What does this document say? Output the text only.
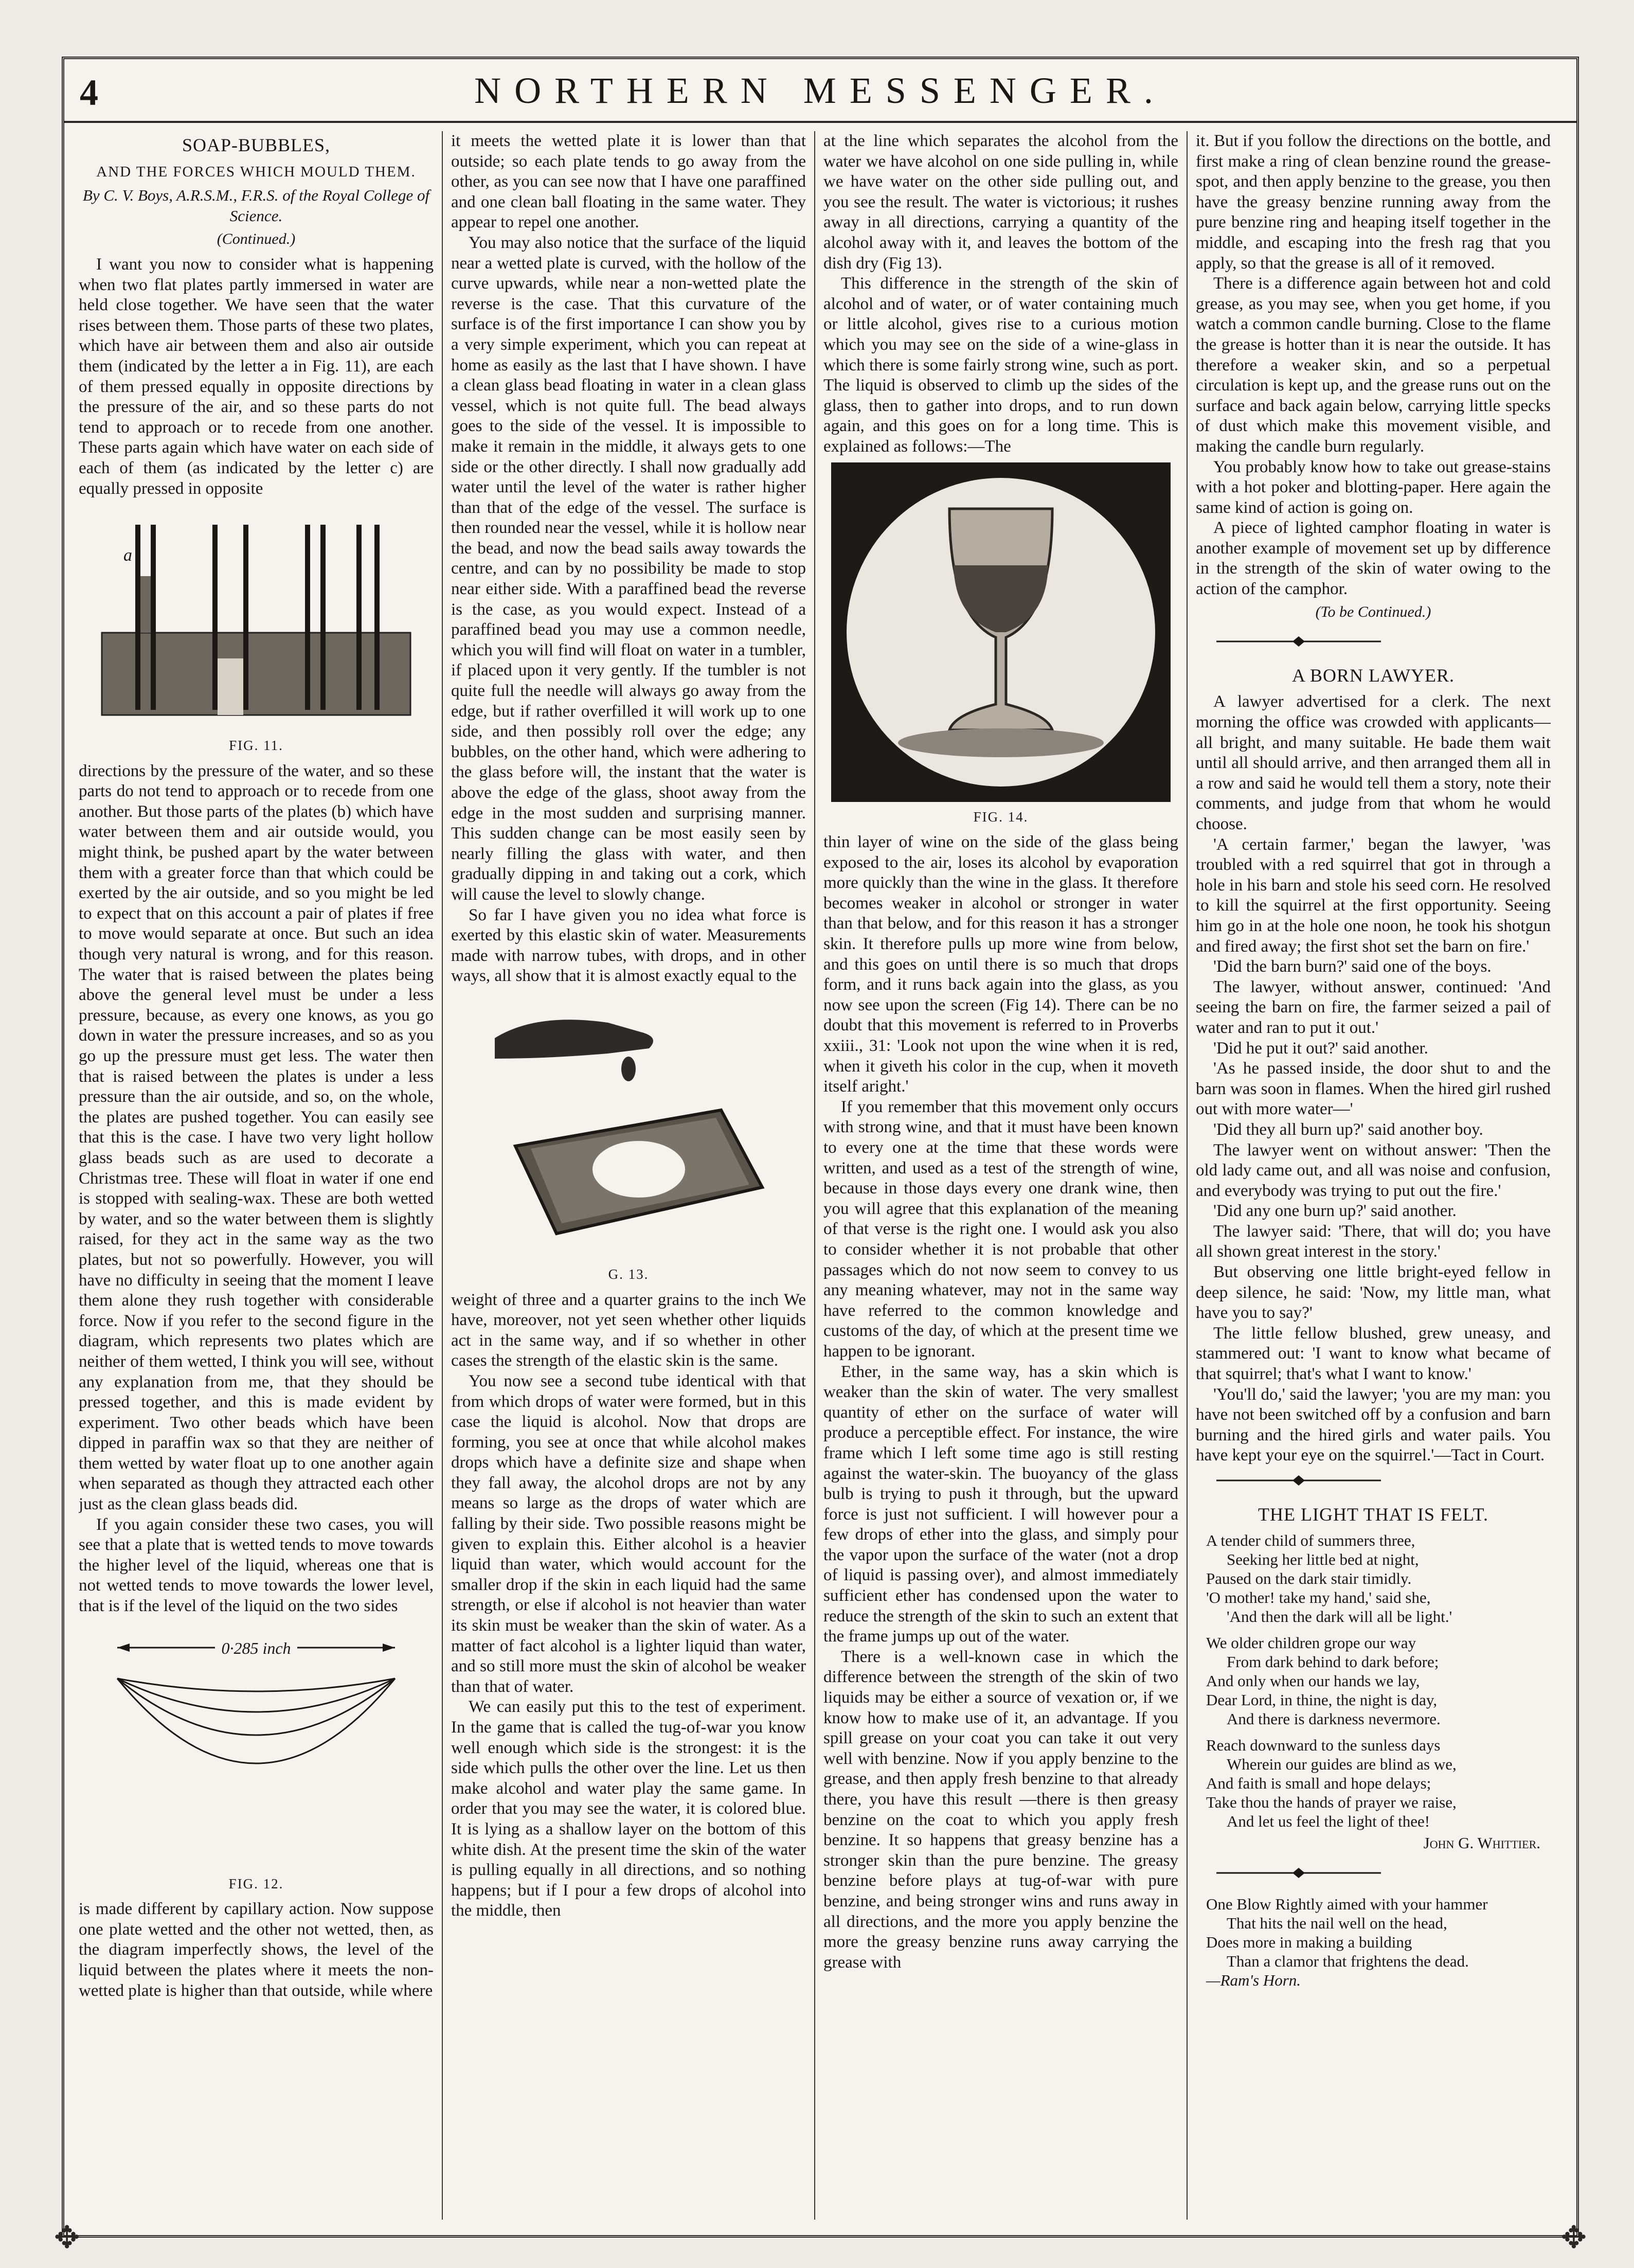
4	NORTHERN MESSENGER.
SOAP-BUBBLES,
AND THE FORCES WHICH MOULD THEM.
By C. V. Boys, A.R.S.M., F.R.S. of the Royal College of Science.
(Continued.)

I want you now to consider what is happening when two flat plates partly immersed in water are held close together. We have seen that the water rises between them. Those parts of these two plates, which have air between them and also air outside them (indicated by the letter a in Fig. 11), are each of them pressed equally in opposite directions by the pressure of the air, and so these parts do not tend to approach or to recede from one another. These parts again which have water on each side of each of them (as indicated by the letter c) are equally pressed in opposite

a
FIG. 11.

directions by the pressure of the water, and so these parts do not tend to approach or to recede from one another. But those parts of the plates (b) which have water between them and air outside would, you might think, be pushed apart by the water between them with a greater force than that which could be exerted by the air outside, and so you might be led to expect that on this account a pair of plates if free to move would separate at once. But such an idea though very natural is wrong, and for this reason. The water that is raised between the plates being above the general level must be under a less pressure, because, as every one knows, as you go down in water the pressure increases, and so as you go up the pressure must get less. The water then that is raised between the plates is under a less pressure than the air outside, and so, on the whole, the plates are pushed together. You can easily see that this is the case. I have two very light hollow glass beads such as are used to decorate a Christmas tree. These will float in water if one end is stopped with sealing-wax. These are both wetted by water, and so the water between them is slightly raised, for they act in the same way as the two plates, but not so powerfully. However, you will have no difficulty in seeing that the moment I leave them alone they rush together with considerable force. Now if you refer to the second figure in the diagram, which represents two plates which are neither of them wetted, I think you will see, without any explanation from me, that they should be pressed together, and this is made evident by experiment. Two other beads which have been dipped in paraffin wax so that they are neither of them wetted by water float up to one another again when separated as though they attracted each other just as the clean glass beads did.

If you again consider these two cases, you will see that a plate that is wetted tends to move towards the higher level of the liquid, whereas one that is not wetted tends to move towards the lower level, that is if the level of the liquid on the two sides

0·285 inch
FIG. 12.

is made different by capillary action. Now suppose one plate wetted and the other not wetted, then, as the diagram imperfectly shows, the level of the liquid between the plates where it meets the non-wetted plate is higher than that outside, while where

it meets the wetted plate it is lower than that outside; so each plate tends to go away from the other, as you can see now that I have one paraffined and one clean ball floating in the same water. They appear to repel one another.

You may also notice that the surface of the liquid near a wetted plate is curved, with the hollow of the curve upwards, while near a non-wetted plate the reverse is the case. That this curvature of the surface is of the first importance I can show you by a very simple experiment, which you can repeat at home as easily as the last that I have shown. I have a clean glass bead floating in water in a clean glass vessel, which is not quite full. The bead always goes to the side of the vessel. It is impossible to make it remain in the middle, it always gets to one side or the other directly. I shall now gradually add water until the level of the water is rather higher than that of the edge of the vessel. The surface is then rounded near the vessel, while it is hollow near the bead, and now the bead sails away towards the centre, and can by no possibility be made to stop near either side. With a paraffined bead the reverse is the case, as you would expect. Instead of a paraffined bead you may use a common needle, which you will find will float on water in a tumbler, if placed upon it very gently. If the tumbler is not quite full the needle will always go away from the edge, but if rather overfilled it will work up to one side, and then possibly roll over the edge; any bubbles, on the other hand, which were adhering to the glass before will, the instant that the water is above the edge of the glass, shoot away from the edge in the most sudden and surprising manner. This sudden change can be most easily seen by nearly filling the glass with water, and then gradually dipping in and taking out a cork, which will cause the level to slowly change.

So far I have given you no idea what force is exerted by this elastic skin of water. Measurements made with narrow tubes, with drops, and in other ways, all show that it is almost exactly equal to the

G. 13.

weight of three and a quarter grains to the inch We have, moreover, not yet seen whether other liquids act in the same way, and if so whether in other cases the strength of the elastic skin is the same.

You now see a second tube identical with that from which drops of water were formed, but in this case the liquid is alcohol. Now that drops are forming, you see at once that while alcohol makes drops which have a definite size and shape when they fall away, the alcohol drops are not by any means so large as the drops of water which are falling by their side. Two possible reasons might be given to explain this. Either alcohol is a heavier liquid than water, which would account for the smaller drop if the skin in each liquid had the same strength, or else if alcohol is not heavier than water its skin must be weaker than the skin of water. As a matter of fact alcohol is a lighter liquid than water, and so still more must the skin of alcohol be weaker than that of water.

We can easily put this to the test of experiment. In the game that is called the tug-of-war you know well enough which side is the strongest: it is the side which pulls the other over the line. Let us then make alcohol and water play the same game. In order that you may see the water, it is colored blue. It is lying as a shallow layer on the bottom of this white dish. At the present time the skin of the water is pulling equally in all directions, and so nothing happens; but if I pour a few drops of alcohol into the middle, then

at the line which separates the alcohol from the water we have alcohol on one side pulling in, while we have water on the other side pulling out, and you see the result. The water is victorious; it rushes away in all directions, carrying a quantity of the alcohol away with it, and leaves the bottom of the dish dry (Fig 13).

This difference in the strength of the skin of alcohol and of water, or of water containing much or little alcohol, gives rise to a curious motion which you may see on the side of a wine-glass in which there is some fairly strong wine, such as port. The liquid is observed to climb up the sides of the glass, then to gather into drops, and to run down again, and this goes on for a long time. This is explained as follows:—The

FIG. 14.

thin layer of wine on the side of the glass being exposed to the air, loses its alcohol by evaporation more quickly than the wine in the glass. It therefore becomes weaker in alcohol or stronger in water than that below, and for this reason it has a stronger skin. It therefore pulls up more wine from below, and this goes on until there is so much that drops form, and it runs back again into the glass, as you now see upon the screen (Fig 14). There can be no doubt that this movement is referred to in Proverbs xxiii., 31: 'Look not upon the wine when it is red, when it giveth his color in the cup, when it moveth itself aright.'

If you remember that this movement only occurs with strong wine, and that it must have been known to every one at the time that these words were written, and used as a test of the strength of wine, because in those days every one drank wine, then you will agree that this explanation of the meaning of that verse is the right one. I would ask you also to consider whether it is not probable that other passages which do not now seem to convey to us any meaning whatever, may not in the same way have referred to the common knowledge and customs of the day, of which at the present time we happen to be ignorant.

Ether, in the same way, has a skin which is weaker than the skin of water. The very smallest quantity of ether on the surface of water will produce a perceptible effect. For instance, the wire frame which I left some time ago is still resting against the water-skin. The buoyancy of the glass bulb is trying to push it through, but the upward force is just not sufficient. I will however pour a few drops of ether into the glass, and simply pour the vapor upon the surface of the water (not a drop of liquid is passing over), and almost immediately sufficient ether has condensed upon the water to reduce the strength of the skin to such an extent that the frame jumps up out of the water.

There is a well-known case in which the difference between the strength of the skin of two liquids may be either a source of vexation or, if we know how to make use of it, an advantage. If you spill grease on your coat you can take it out very well with benzine. Now if you apply benzine to the grease, and then apply fresh benzine to that already there, you have this result —there is then greasy benzine on the coat to which you apply fresh benzine. It so happens that greasy benzine has a stronger skin than the pure benzine. The greasy benzine before plays at tug-of-war with pure benzine, and being stronger wins and runs away in all directions, and the more you apply benzine the more the greasy benzine runs away carrying the grease with

it. But if you follow the directions on the bottle, and first make a ring of clean benzine round the grease-spot, and then apply benzine to the grease, you then have the greasy benzine running away from the pure benzine ring and heaping itself together in the middle, and escaping into the fresh rag that you apply, so that the grease is all of it removed.

There is a difference again between hot and cold grease, as you may see, when you get home, if you watch a common candle burning. Close to the flame the grease is hotter than it is near the outside. It has therefore a weaker skin, and so a perpetual circulation is kept up, and the grease runs out on the surface and back again below, carrying little specks of dust which make this movement visible, and making the candle burn regularly.

You probably know how to take out grease-stains with a hot poker and blotting-paper. Here again the same kind of action is going on.

A piece of lighted camphor floating in water is another example of movement set up by difference in the strength of the skin of water owing to the action of the camphor.

(To be Continued.)
A BORN LAWYER.

A lawyer advertised for a clerk. The next morning the office was crowded with applicants—all bright, and many suitable. He bade them wait until all should arrive, and then arranged them all in a row and said he would tell them a story, note their comments, and judge from that whom he would choose.

'A certain farmer,' began the lawyer, 'was troubled with a red squirrel that got in through a hole in his barn and stole his seed corn. He resolved to kill the squirrel at the first opportunity. Seeing him go in at the hole one noon, he took his shotgun and fired away; the first shot set the barn on fire.'

'Did the barn burn?' said one of the boys.

The lawyer, without answer, continued: 'And seeing the barn on fire, the farmer seized a pail of water and ran to put it out.'

'Did he put it out?' said another.

'As he passed inside, the door shut to and the barn was soon in flames. When the hired girl rushed out with more water—'

'Did they all burn up?' said another boy.

The lawyer went on without answer: 'Then the old lady came out, and all was noise and confusion, and everybody was trying to put out the fire.'

'Did any one burn up?' said another.

The lawyer said: 'There, that will do; you have all shown great interest in the story.'

But observing one little bright-eyed fellow in deep silence, he said: 'Now, my little man, what have you to say?'

The little fellow blushed, grew uneasy, and stammered out: 'I want to know what became of that squirrel; that's what I want to know.'

'You'll do,' said the lawyer; 'you are my man: you have not been switched off by a confusion and barn burning and the hired girls and water pails. You have kept your eye on the squirrel.'—Tact in Court.

THE LIGHT THAT IS FELT.
A tender child of summers three,
Seeking her little bed at night,
Paused on the dark stair timidly.
'O mother! take my hand,' said she,
'And then the dark will all be light.'
We older children grope our way
From dark behind to dark before;
And only when our hands we lay,
Dear Lord, in thine, the night is day,
And there is darkness nevermore.
Reach downward to the sunless days
Wherein our guides are blind as we,
And faith is small and hope delays;
Take thou the hands of prayer we raise,
And let us feel the light of thee!
John G. Whittier.
One Blow Rightly aimed with your hammer
That hits the nail well on the head,
Does more in making a building
Than a clamor that frightens the dead.
—Ram's Horn.
✥	✥
